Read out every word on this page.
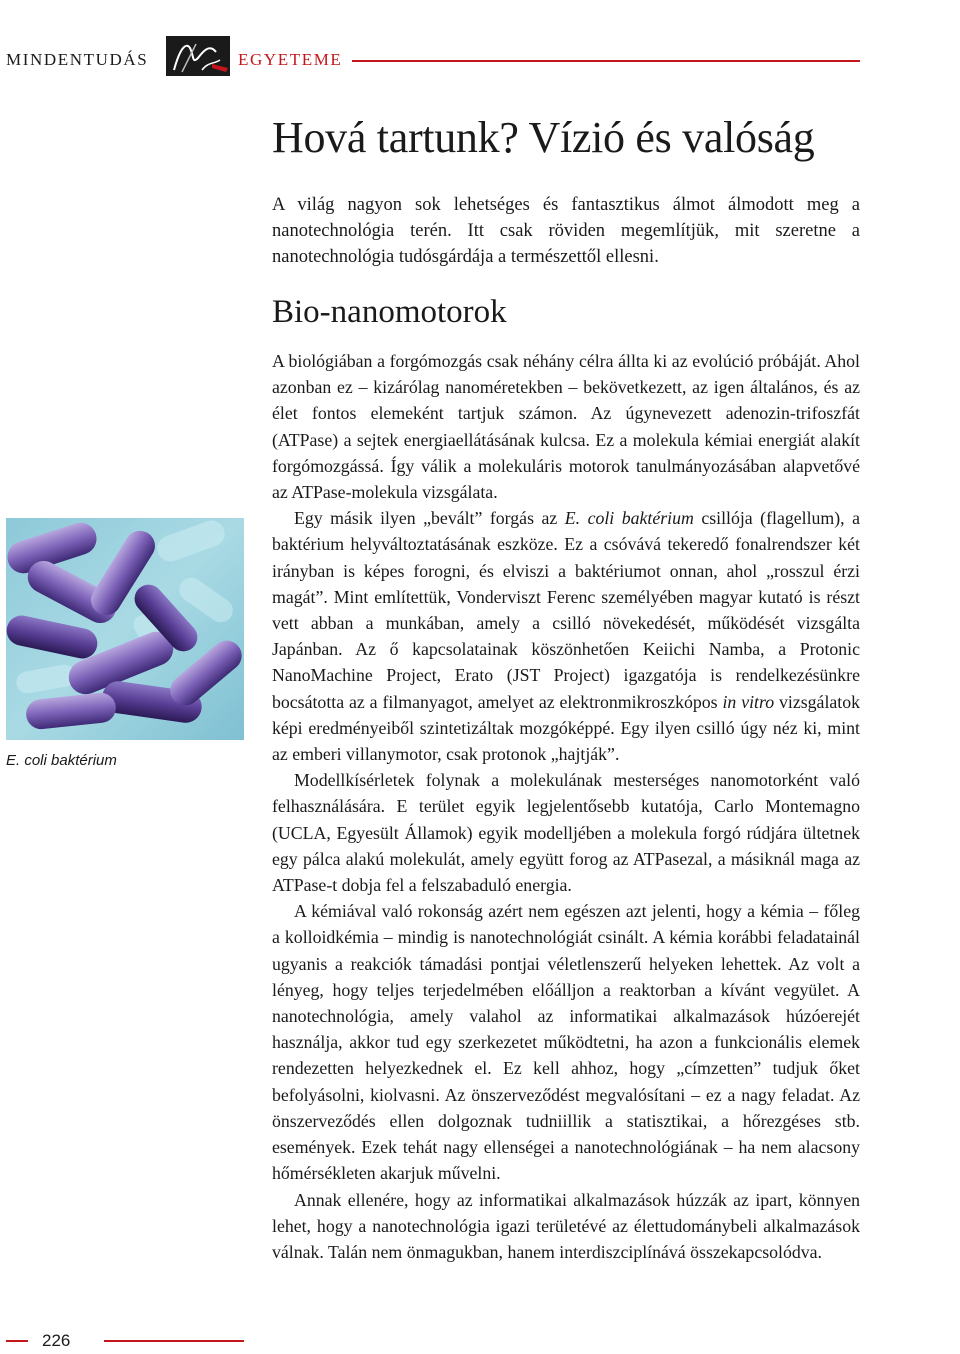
MINDENTUDÁS	EGYETEME
Hová tartunk? Vízió és valóság

A világ nagyon sok lehetséges és fantasztikus álmot álmodott meg a nanotechnológia terén. Itt csak röviden megemlítjük, mit szeretne a nanotechnológia tudósgárdája a természettől ellesni.

Bio-nanomotorok

A biológiában a forgómozgás csak néhány célra állta ki az evolúció próbáját. Ahol azonban ez – kizárólag nanoméretekben – bekövetkezett, az igen általános, és az élet fontos elemeként tartjuk számon. Az úgynevezett adenozin-trifoszfát (ATPase) a sejtek energiaellátásának kulcsa. Ez a molekula kémiai energiát alakít forgómozgássá. Így válik a molekuláris motorok tanulmányozásában alapvetővé az ATPase-molekula vizsgálata.

Egy másik ilyen „bevált” forgás az E. coli baktérium csillója (flagellum), a baktérium helyváltoztatásának eszköze. Ez a csóvává tekeredő fonalrendszer két irányban is képes forogni, és elviszi a baktériumot onnan, ahol „rosszul érzi magát”. Mint említettük, Vonderviszt Ferenc személyében magyar kutató is részt vett abban a munkában, amely a csilló növekedését, működését vizsgálta Japánban. Az ő kapcsolatainak köszönhetően Keiichi Namba, a Protonic NanoMachine Project, Erato (JST Project) igazgatója is rendelkezésünkre bocsátotta az a filmanyagot, amelyet az elektronmikroszkópos in vitro vizsgálatok képi eredményeiből szintetizáltak mozgóképpé. Egy ilyen csilló úgy néz ki, mint az emberi villanymotor, csak protonok „hajtják”.

Modellkísérletek folynak a molekulának mesterséges nanomotorként való felhasználására. E terület egyik legjelentősebb kutatója, Carlo Montemagno (UCLA, Egyesült Államok) egyik modelljében a molekula forgó rúdjára ültetnek egy pálca alakú molekulát, amely együtt forog az ATPasezal, a másiknál maga az ATPase-t dobja fel a felszabaduló energia.

A kémiával való rokonság azért nem egészen azt jelenti, hogy a kémia – főleg a kolloidkémia – mindig is nanotechnológiát csinált. A kémia korábbi feladatainál ugyanis a reakciók támadási pontjai véletlenszerű helyeken lehettek. Az volt a lényeg, hogy teljes terjedelmében előálljon a reaktorban a kívánt vegyület. A nanotechnológia, amely valahol az informatikai alkalmazások húzóerejét használja, akkor tud egy szerkezetet működtetni, ha azon a funkcionális elemek rendezetten helyezkednek el. Ez kell ahhoz, hogy „címzetten” tudjuk őket befolyásolni, kiolvasni. Az önszerveződést megvalósítani – ez a nagy feladat. Az önszerveződés ellen dolgoznak tudniillik a statisztikai, a hőrezgéses stb. események. Ezek tehát nagy ellenségei a nanotechnológiának – ha nem alacsony hőmérsékleten akarjuk művelni.

Annak ellenére, hogy az informatikai alkalmazások húzzák az ipart, könnyen lehet, hogy a nanotechnológia igazi területévé az élettudománybeli alkalmazások válnak. Talán nem önmagukban, hanem interdiszciplínává összekapcsolódva.

E. coli baktérium
226
